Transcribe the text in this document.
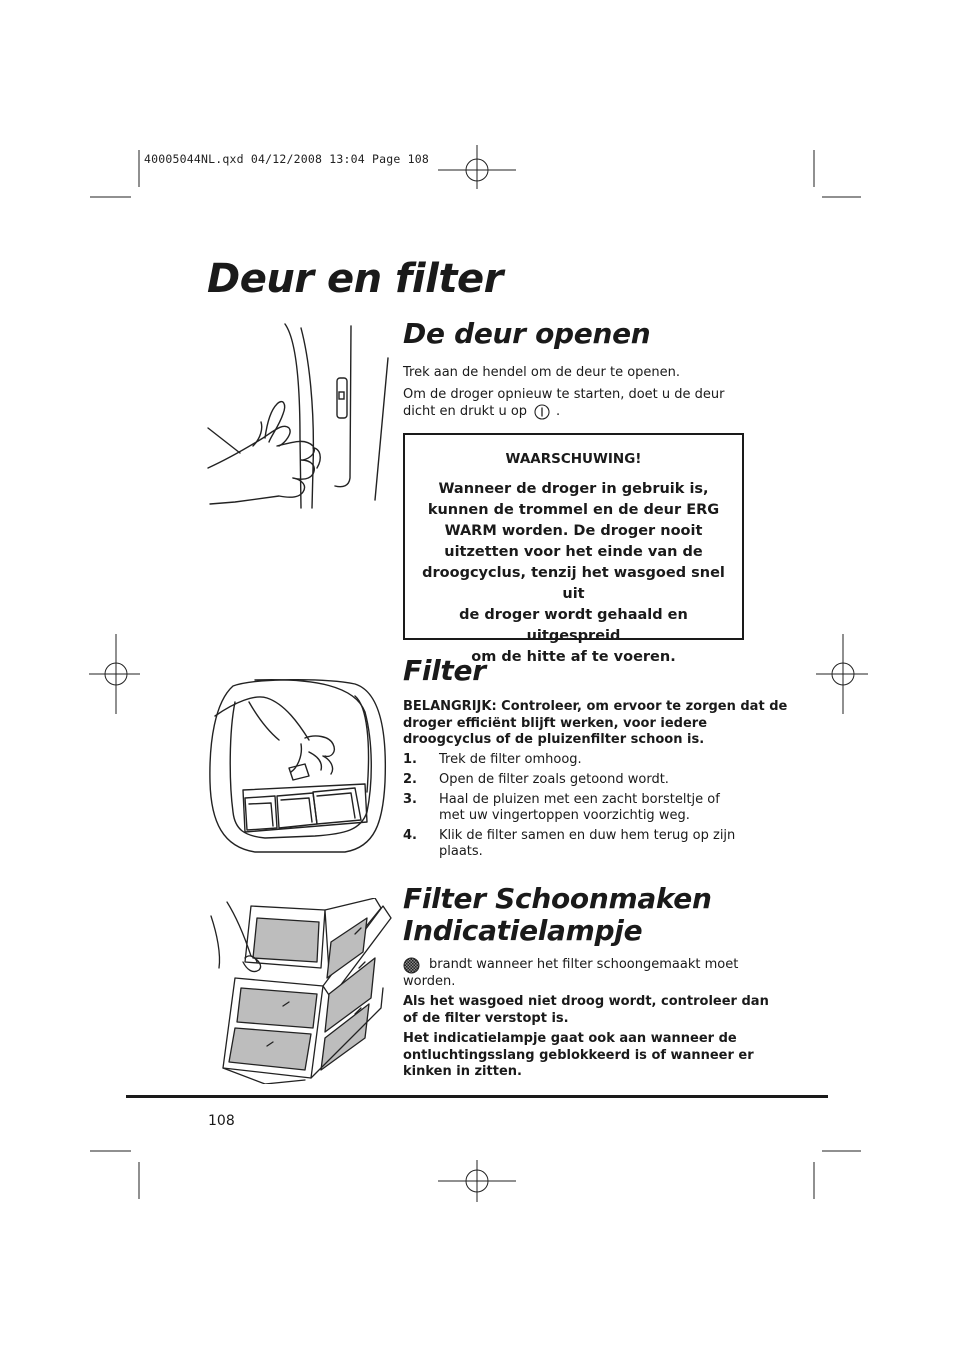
40005044NL.qxd 04/12/2008 13:04 Page 108
Deur en filter
De deur openen

Trek aan de hendel om de deur te openen.

Om de droger opnieuw te starten, doet u de deur

dicht en drukt u op .
WAARSCHUWING!
Wanneer de droger in gebruik is,
kunnen de trommel en de deur ERG
WARM worden. De droger nooit
uitzetten voor het einde van de
droogcyclus, tenzij het wasgoed snel uit
de droger wordt gehaald en uitgespreid
om de hitte af te voeren.
Filter
BELANGRIJK: Controleer, om ervoor te zorgen dat de
droger efficiënt blijft werken, voor iedere
droogcyclus of de pluizenfilter schoon is.
1.	Trek de filter omhoog.
2.	Open de filter zoals getoond wordt.
3.	Haal de pluizen met een zacht borsteltje of
met uw vingertoppen voorzichtig weg.
4.	Klik de filter samen en duw hem terug op zijn
plaats.
Filter Schoonmaken
Indicatielampje
brandt wanneer het filter schoongemaakt moet
worden.
Als het wasgoed niet droog wordt, controleer dan
of de filter verstopt is.
Het indicatielampje gaat ook aan wanneer de
ontluchtingsslang geblokkeerd is of wanneer er
kinken in zitten.
108
